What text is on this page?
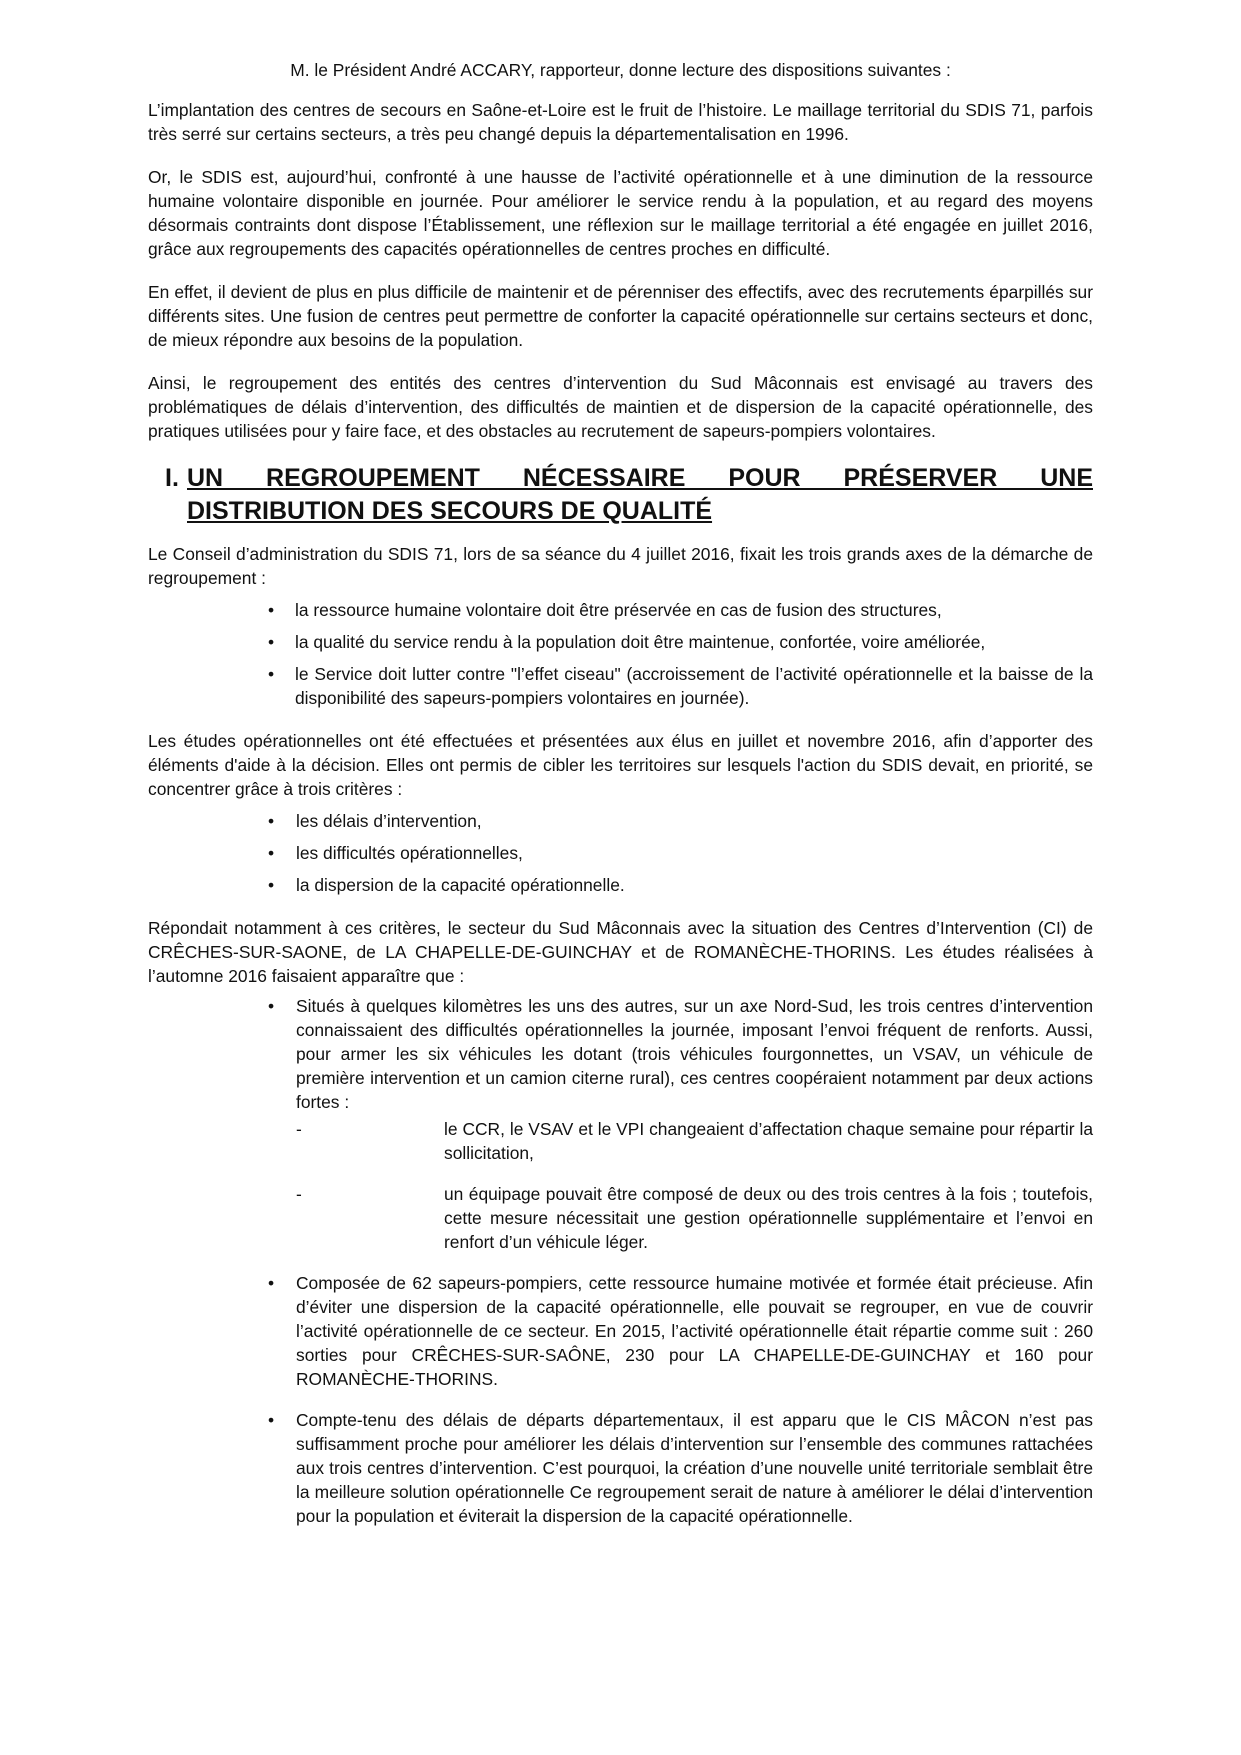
M. le Président André ACCARY, rapporteur, donne lecture des dispositions suivantes :

L’implantation des centres de secours en Saône-et-Loire est le fruit de l’histoire. Le maillage territorial du SDIS 71, parfois très serré sur certains secteurs, a très peu changé depuis la départementalisation en 1996.

Or, le SDIS est, aujourd’hui, confronté à une hausse de l’activité opérationnelle et à une diminution de la ressource humaine volontaire disponible en journée. Pour améliorer le service rendu à la population, et au regard des moyens désormais contraints dont dispose l’Établissement, une réflexion sur le maillage territorial a été engagée en juillet 2016, grâce aux regroupements des capacités opérationnelles de centres proches en difficulté.

En effet, il devient de plus en plus difficile de maintenir et de pérenniser des effectifs, avec des recrutements éparpillés sur différents sites. Une fusion de centres peut permettre de conforter la capacité opérationnelle sur certains secteurs et donc, de mieux répondre aux besoins de la population.

Ainsi, le regroupement des entités des centres d’intervention du Sud Mâconnais est envisagé au travers des problématiques de délais d’intervention, des difficultés de maintien et de dispersion de la capacité opérationnelle, des pratiques utilisées pour y faire face, et des obstacles au recrutement de sapeurs-pompiers volontaires.

I. UN REGROUPEMENT NÉCESSAIRE POUR PRÉSERVER UNE
DISTRIBUTION DES SECOURS DE QUALITÉ

Le Conseil d’administration du SDIS 71, lors de sa séance du 4 juillet 2016, fixait les trois grands axes de la démarche de regroupement :

• la ressource humaine volontaire doit être préservée en cas de fusion des structures,
• la qualité du service rendu à la population doit être maintenue, confortée, voire améliorée,
• le Service doit lutter contre "l’effet ciseau" (accroissement de l’activité opérationnelle et la baisse de la disponibilité des sapeurs-pompiers volontaires en journée).

Les études opérationnelles ont été effectuées et présentées aux élus en juillet et novembre 2016, afin d’apporter des éléments d'aide à la décision. Elles ont permis de cibler les territoires sur lesquels l'action du SDIS devait, en priorité, se concentrer grâce à trois critères :

• les délais d’intervention,
• les difficultés opérationnelles,
• la dispersion de la capacité opérationnelle.

Répondait notamment à ces critères, le secteur du Sud Mâconnais avec la situation des Centres d’Intervention (CI) de CRÊCHES-SUR-SAONE, de LA CHAPELLE-DE-GUINCHAY et de ROMANÈCHE-THORINS. Les études réalisées à l’automne 2016 faisaient apparaître que :

• Situés à quelques kilomètres les uns des autres, sur un axe Nord-Sud, les trois centres d’intervention connaissaient des difficultés opérationnelles la journée, imposant l’envoi fréquent de renforts. Aussi, pour armer les six véhicules les dotant (trois véhicules fourgonnettes, un VSAV, un véhicule de première intervention et un camion citerne rural), ces centres coopéraient notamment par deux actions fortes :
-	le CCR, le VSAV et le VPI changeaient d’affectation chaque semaine pour répartir la sollicitation,
-	un équipage pouvait être composé de deux ou des trois centres à la fois ; toutefois, cette mesure nécessitait une gestion opérationnelle supplémentaire et l’envoi en renfort d’un véhicule léger.
• Composée de 62 sapeurs-pompiers, cette ressource humaine motivée et formée était précieuse. Afin d’éviter une dispersion de la capacité opérationnelle, elle pouvait se regrouper, en vue de couvrir l’activité opérationnelle de ce secteur. En 2015, l’activité opérationnelle était répartie comme suit : 260 sorties pour CRÊCHES-SUR-SAÔNE, 230 pour LA CHAPELLE-DE-GUINCHAY et 160 pour ROMANÈCHE-THORINS.
• Compte-tenu des délais de départs départementaux, il est apparu que le CIS MÂCON n’est pas suffisamment proche pour améliorer les délais d’intervention sur l’ensemble des communes rattachées aux trois centres d’intervention. C’est pourquoi, la création d’une nouvelle unité territoriale semblait être la meilleure solution opérationnelle Ce regroupement serait de nature à améliorer le délai d’intervention pour la population et éviterait la dispersion de la capacité opérationnelle.
